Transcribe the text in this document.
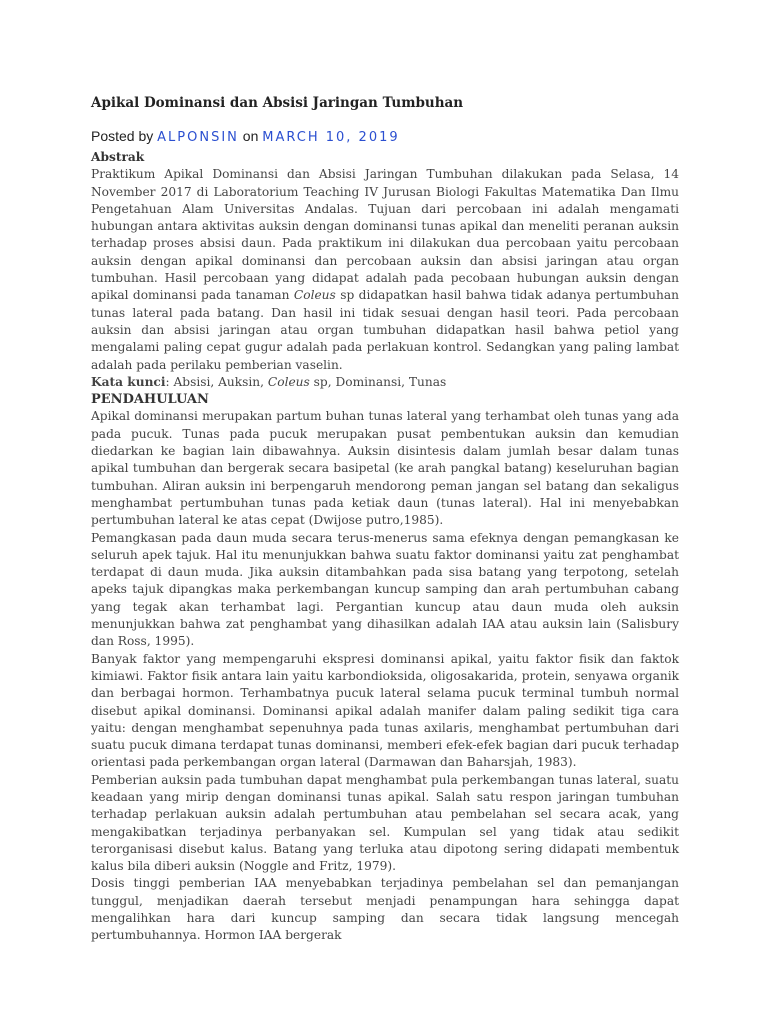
Apikal Dominansi dan Absisi Jaringan Tumbuhan
Posted by ALPONSIN on MARCH 10, 2019

Abstrak

Praktikum Apikal Dominansi dan Absisi Jaringan Tumbuhan dilakukan pada Selasa, 14 November 2017 di Laboratorium Teaching IV Jurusan Biologi Fakultas Matematika Dan Ilmu Pengetahuan Alam Universitas Andalas. Tujuan dari percobaan ini adalah mengamati hubungan antara aktivitas auksin dengan dominansi tunas apikal dan meneliti peranan auksin terhadap proses absisi daun. Pada praktikum ini dilakukan dua percobaan yaitu percobaan auksin dengan apikal dominansi dan percobaan auksin dan absisi jaringan atau organ tumbuhan. Hasil percobaan yang didapat adalah pada pecobaan hubungan auksin dengan apikal dominansi pada tanaman Coleus sp didapatkan hasil bahwa tidak adanya pertumbuhan tunas lateral pada batang. Dan hasil ini tidak sesuai dengan hasil teori. Pada percobaan auksin dan absisi jaringan atau organ tumbuhan didapatkan hasil bahwa petiol yang mengalami paling cepat gugur adalah pada perlakuan kontrol. Sedangkan yang paling lambat adalah pada perilaku pemberian vaselin.

Kata kunci: Absisi, Auksin, Coleus sp, Dominansi, Tunas

PENDAHULUAN

Apikal dominansi merupakan partum buhan tunas lateral yang terhambat oleh tunas yang ada pada pucuk. Tunas pada pucuk merupakan pusat pembentukan auksin dan kemudian diedarkan ke bagian lain dibawahnya. Auksin disintesis dalam jumlah besar dalam tunas apikal tumbuhan dan bergerak secara basipetal (ke arah pangkal batang) keseluruhan bagian tumbuhan. Aliran auksin ini berpengaruh mendorong peman jangan sel batang dan sekaligus menghambat pertumbuhan tunas pada ketiak daun (tunas lateral). Hal ini menyebabkan pertumbuhan lateral ke atas cepat (Dwijose putro,1985).

Pemangkasan pada daun muda secara terus-menerus sama efeknya dengan pemangkasan ke seluruh apek tajuk. Hal itu menunjukkan bahwa suatu faktor dominansi yaitu zat penghambat terdapat di daun muda. Jika auksin ditambahkan pada sisa batang yang terpotong, setelah apeks tajuk dipangkas maka perkembangan kuncup samping dan arah pertumbuhan cabang yang tegak akan terhambat lagi. Pergantian kuncup atau daun muda oleh auksin menunjukkan bahwa zat penghambat yang dihasilkan adalah IAA atau auksin lain (Salisbury dan Ross, 1995).

Banyak faktor yang mempengaruhi ekspresi dominansi apikal, yaitu faktor fisik dan faktok kimiawi. Faktor fisik antara lain yaitu karbondioksida, oligosakarida, protein, senyawa organik dan berbagai hormon. Terhambatnya pucuk lateral selama pucuk terminal tumbuh normal disebut apikal dominansi. Dominansi apikal adalah manifer dalam paling sedikit tiga cara yaitu: dengan menghambat sepenuhnya pada tunas axilaris, menghambat pertumbuhan dari suatu pucuk dimana terdapat tunas dominansi, memberi efek-efek bagian dari pucuk terhadap orientasi pada perkembangan organ lateral (Darmawan dan Baharsjah, 1983).

Pemberian auksin pada tumbuhan dapat menghambat pula perkembangan tunas lateral, suatu keadaan yang mirip dengan dominansi tunas apikal. Salah satu respon jaringan tumbuhan terhadap perlakuan auksin adalah pertumbuhan atau pembelahan sel secara acak, yang mengakibatkan terjadinya perbanyakan sel. Kumpulan sel yang tidak atau sedikit terorganisasi disebut kalus. Batang yang terluka atau dipotong sering didapati membentuk kalus bila diberi auksin (Noggle and Fritz, 1979).

Dosis tinggi pemberian IAA menyebabkan terjadinya pembelahan sel dan pemanjangan tunggul, menjadikan daerah tersebut menjadi penampungan hara sehingga dapat mengalihkan hara dari kuncup samping dan secara tidak langsung mencegah pertumbuhannya. Hormon IAA bergerak
